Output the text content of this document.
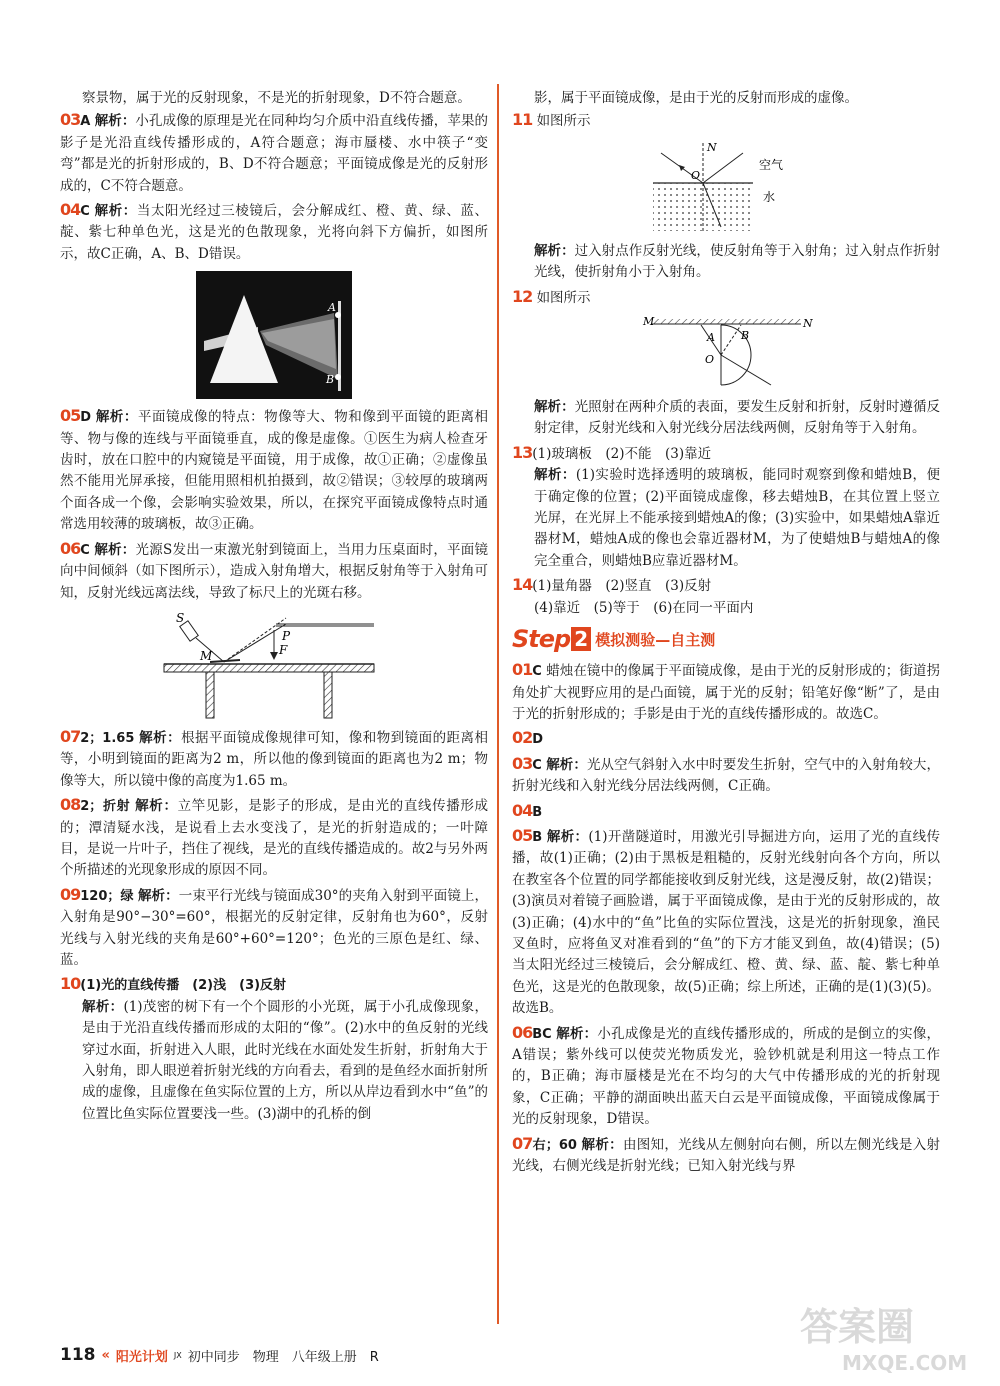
察景物，属于光的反射现象，不是光的折射现象，D不符合题意。

03A 解析：小孔成像的原理是光在同种均匀介质中沿直线传播，苹果的影子是光沿直线传播形成的，A符合题意；海市蜃楼、水中筷子“变弯”都是光的折射形成的，B、D不符合题意；平面镜成像是光的反射形成的，C不符合题意。

04C 解析：当太阳光经过三棱镜后，会分解成红、橙、黄、绿、蓝、靛、紫七种单色光，这是光的色散现象，光将向斜下方偏折，如图所示，故C正确，A、B、D错误。

A
B

05D 解析：平面镜成像的特点：物像等大、物和像到平面镜的距离相等、物与像的连线与平面镜垂直，成的像是虚像。①医生为病人检查牙齿时，放在口腔中的内窥镜是平面镜，用于成像，故①正确；②虚像虽然不能用光屏承接，但能用照相机拍摄到，故②错误；③较厚的玻璃两个面各成一个像，会影响实验效果，所以，在探究平面镜成像特点时通常选用较薄的玻璃板，故③正确。

06C 解析：光源S发出一束激光射到镜面上，当用力压桌面时，平面镜向中间倾斜（如下图所示），造成入射角增大，根据反射角等于入射角可知，反射光线远离法线，导致了标尺上的光斑右移。

S
P
M	F

072；1.65 解析：根据平面镜成像规律可知，像和物到镜面的距离相等，小明到镜面的距离为2 m，所以他的像到镜面的距离也为2 m；物像等大，所以镜中像的高度为1.65 m。

082；折射 解析：立竿见影，是影子的形成，是由光的直线传播形成的；潭清疑水浅，是说看上去水变浅了，是光的折射造成的；一叶障目，是说一片叶子，挡住了视线，是光的直线传播造成的。故2与另外两个所描述的光现象形成的原因不同。

09120；绿 解析：一束平行光线与镜面成30°的夹角入射到平面镜上，入射角是90°−30°=60°，根据光的反射定律，反射角也为60°，反射光线与入射光线的夹角是60°+60°=120°；色光的三原色是红、绿、蓝。

10(1)光的直线传播　(2)浅　(3)反射

解析：(1)茂密的树下有一个个圆形的小光斑，属于小孔成像现象，是由于光沿直线传播而形成的太阳的“像”。(2)水中的鱼反射的光线穿过水面，折射进入人眼，此时光线在水面处发生折射，折射角大于入射角，即人眼逆着折射光线的方向看去，看到的是鱼经水面折射所成的虚像，且虚像在鱼实际位置的上方，所以从岸边看到水中“鱼”的位置比鱼实际位置要浅一些。(3)湖中的孔桥的倒

影，属于平面镜成像，是由于光的反射而形成的虚像。

11 如图所示

N
O
空气
水

解析：过入射点作反射光线，使反射角等于入射角；过入射点作折射光线，使折射角小于入射角。

12 如图所示

M	N
A B
O

解析：光照射在两种介质的表面，要发生反射和折射，反射时遵循反射定律，反射光线和入射光线分居法线两侧，反射角等于入射角。

13(1)玻璃板　(2)不能　(3)靠近

解析：(1)实验时选择透明的玻璃板，能同时观察到像和蜡烛B，便于确定像的位置；(2)平面镜成虚像，移去蜡烛B，在其位置上竖立光屏，在光屏上不能承接到蜡烛A的像；(3)实验中，如果蜡烛A靠近器材M，蜡烛A成的像也会靠近器材M，为了使蜡烛B与蜡烛A的像完全重合，则蜡烛B应靠近器材M。

14(1)量角器　(2)竖直　(3)反射

(4)靠近　(5)等于　(6)在同一平面内

Step 2 模拟测验—自主测

01C 蜡烛在镜中的像属于平面镜成像，是由于光的反射形成的；街道拐角处扩大视野应用的是凸面镜，属于光的反射；铅笔好像“断”了，是由于光的折射形成的；手影是由于光的直线传播形成的。故选C。

02D

03C 解析：光从空气斜射入水中时要发生折射，空气中的入射角较大，折射光线和入射光线分居法线两侧，C正确。

04B

05B 解析：(1)开凿隧道时，用激光引导掘进方向，运用了光的直线传播，故(1)正确；(2)由于黑板是粗糙的，反射光线射向各个方向，所以在教室各个位置的同学都能接收到反射光线，这是漫反射，故(2)错误；(3)演员对着镜子画脸谱，属于平面镜成像，是由于光的反射形成的，故(3)正确；(4)水中的“鱼”比鱼的实际位置浅，这是光的折射现象，渔民叉鱼时，应将鱼叉对准看到的“鱼”的下方才能叉到鱼，故(4)错误；(5)当太阳光经过三棱镜后，会分解成红、橙、黄、绿、蓝、靛、紫七种单色光，这是光的色散现象，故(5)正确；综上所述，正确的是(1)(3)(5)。故选B。

06BC 解析：小孔成像是光的直线传播形成的，所成的是倒立的实像，A错误；紫外线可以使荧光物质发光，验钞机就是利用这一特点工作的，B正确；海市蜃楼是光在不均匀的大气中传播形成的光的折射现象，C正确；平静的湖面映出蓝天白云是平面镜成像，平面镜成像属于光的反射现象，D错误。

07右；60 解析：由图知，光线从左侧射向右侧，所以左侧光线是入射光线，右侧光线是折射光线；已知入射光线与界

118 « 阳光计划 JX 初中同步　物理　八年级上册　R
答案圈
MXQE.COM
